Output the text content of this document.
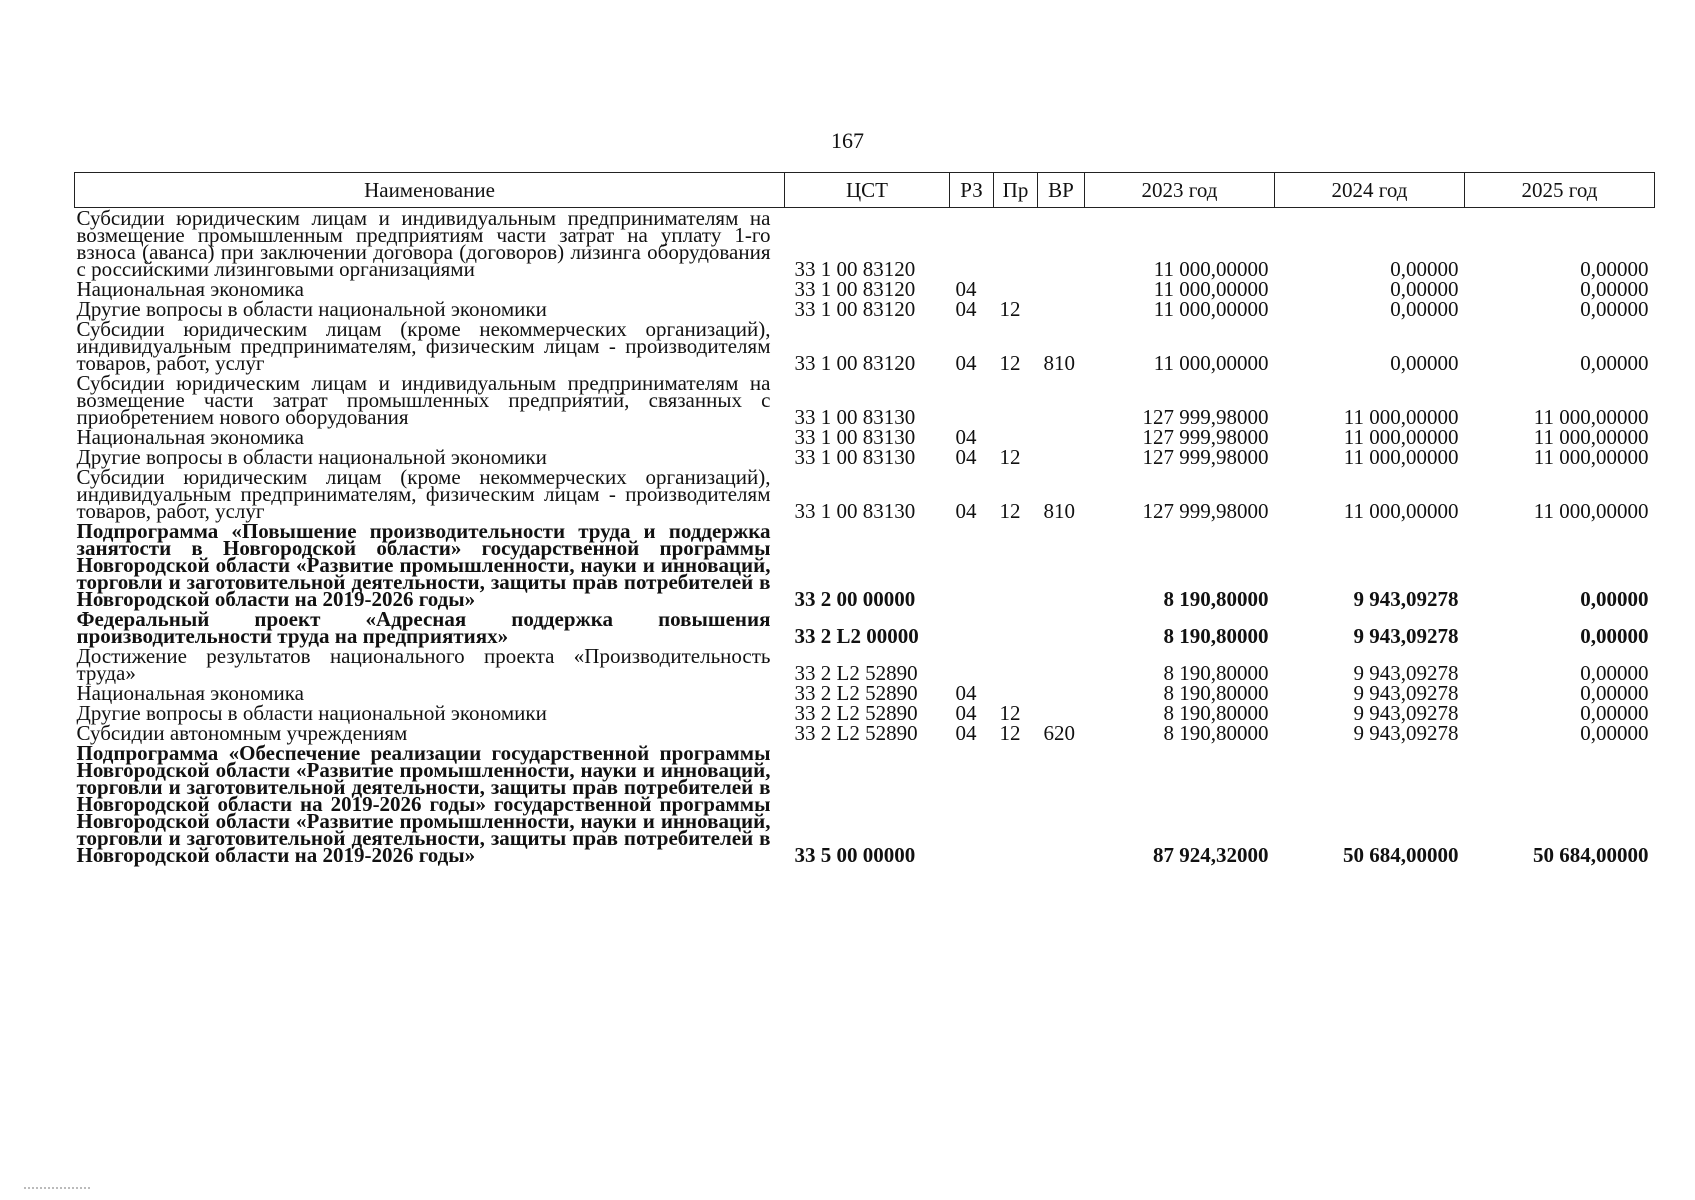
167
Наименование	ЦСТ	РЗ	Пр	ВР	2023 год	2024 год	2025 год
Субсидии юридическим лицам и индивидуальным предпринимателям на возмещение промышленным предприятиям части затрат на уплату 1-го взноса (аванса) при заключении договора (договоров) лизинга оборудования с российскими лизинговыми организациями	33 1 00 83120				11 000,00000	0,00000	0,00000
Национальная экономика	33 1 00 83120	04			11 000,00000	0,00000	0,00000
Другие вопросы в области национальной экономики	33 1 00 83120	04	12		11 000,00000	0,00000	0,00000
Субсидии юридическим лицам (кроме некоммерческих организаций), индивидуальным предпринимателям, физическим лицам - производителям товаров, работ, услуг	33 1 00 83120	04	12	810	11 000,00000	0,00000	0,00000
Субсидии юридическим лицам и индивидуальным предпринимателям на возмещение части затрат промышленных предприятий, связанных с приобретением нового оборудования	33 1 00 83130				127 999,98000	11 000,00000	11 000,00000
Национальная экономика	33 1 00 83130	04			127 999,98000	11 000,00000	11 000,00000
Другие вопросы в области национальной экономики	33 1 00 83130	04	12		127 999,98000	11 000,00000	11 000,00000
Субсидии юридическим лицам (кроме некоммерческих организаций), индивидуальным предпринимателям, физическим лицам - производителям товаров, работ, услуг	33 1 00 83130	04	12	810	127 999,98000	11 000,00000	11 000,00000
Подпрограмма «Повышение производительности труда и поддержка занятости в Новгородской области» государственной программы Новгородской области «Развитие промышленности, науки и инноваций, торговли и заготовительной деятельности, защиты прав потребителей в Новгородской области на 2019-2026 годы»	33 2 00 00000				8 190,80000	9 943,09278	0,00000
Федеральный проект «Адресная поддержка повышения производительности труда на предприятиях»	33 2 L2 00000				8 190,80000	9 943,09278	0,00000
Достижение результатов национального проекта «Производительность труда»	33 2 L2 52890				8 190,80000	9 943,09278	0,00000
Национальная экономика	33 2 L2 52890	04			8 190,80000	9 943,09278	0,00000
Другие вопросы в области национальной экономики	33 2 L2 52890	04	12		8 190,80000	9 943,09278	0,00000
Субсидии автономным учреждениям	33 2 L2 52890	04	12	620	8 190,80000	9 943,09278	0,00000
Подпрограмма «Обеспечение реализации государственной программы Новгородской области «Развитие промышленности, науки и инноваций, торговли и заготовительной деятельности, защиты прав потребителей в Новгородской области на 2019-2026 годы» государственной программы Новгородской области «Развитие промышленности, науки и инноваций, торговли и заготовительной деятельности, защиты прав потребителей в Новгородской области на 2019-2026 годы»	33 5 00 00000				87 924,32000	50 684,00000	50 684,00000
